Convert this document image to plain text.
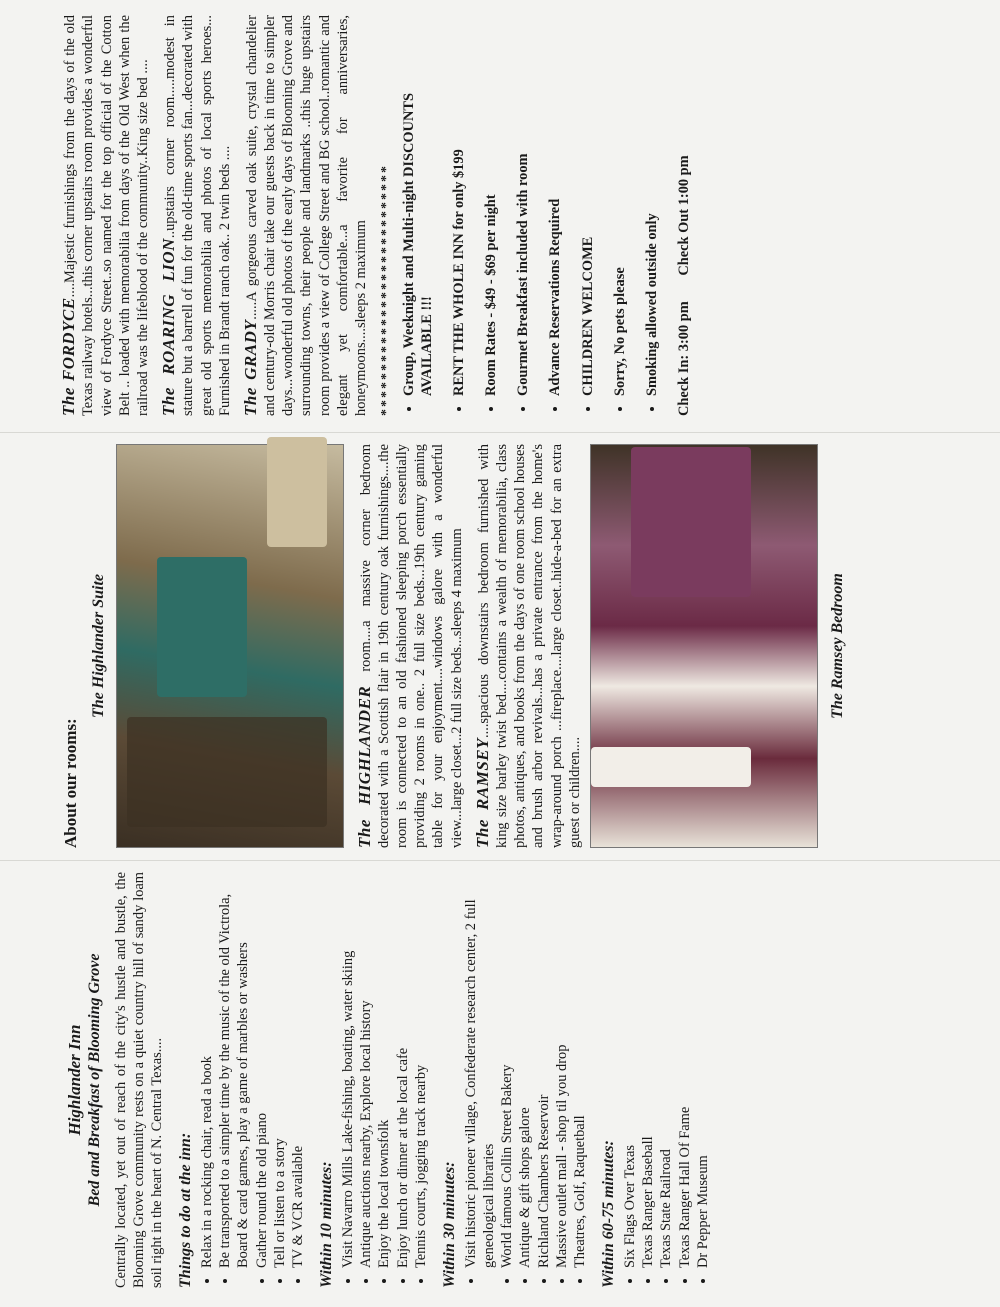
Highlander Inn Bed and Breakfast of Blooming Grove Centrally located, yet out of reach of the city's hustle and bustle, the Blooming Grove community rests on a quiet country hill of sandy loam soil right in the heart of N. Central Texas.... Things to do at the inn: • Relax in a rocking chair, read a book • Be transported to a simpler time by the music of the old Victrola, Board & card games, play a game of marbles or washers • Gather round the old piano • Tell or listen to a story • TV & VCR available Within 10 minutes: • Visit Navarro Mills Lake-fishing, boating, water skiing • Antique auctions nearby, Explore local history • Enjoy the local townsfolk • Enjoy lunch or dinner at the local cafe • Tennis courts, jogging track nearby Within 30 minutes: • Visit historic pioneer village, Confederate research center, 2 full geneological libraries • World famous Collin Street Bakery • Antique & gift shops galore • Richland Chambers Reservoir • Massive outlet mall - shop til you drop • Theatres, Golf, Raquetball Within 60-75 minutes: • Six Flags Over Texas • Texas Ranger Baseball • Texas State Railroad • Texas Ranger Hall Of Fame • Dr Pepper Museum
About our rooms:
The Highlander Suite

The HIGHLANDER room....a massive corner bedroom decorated with a Scottish flair in 19th century oak furnishings....the room is connected to an old fashioned sleeping porch essentially providing 2 rooms in one.. 2 full size beds...19th century gaming table for your enjoyment....windows galore with a wonderful view...large closet...2 full size beds...sleeps 4 maximum The RAMSEY....spacious downstairs bedroom furnished with king size barley twist bed....contains a wealth of memorabilia, class photos, antiques, and books from the days of one room school houses and brush arbor revivals...has a private entrance from the home's wrap-around porch ...fireplace....large closet..hide-a-bed for an extra guest or children....

The Ramsey Bedroom

The FORDYCE....Majestic furnishings from the days of the old Texas railway hotels...this corner upstairs room provides a wonderful view of Fordyce Street..so named for the top official of the Cotton Belt .. loaded with memorabilia from days of the Old West when the railroad was the lifeblood of the community..King size bed .... The ROARING LION..upstairs corner room.....modest in stature but a barrell of fun for the old-time sports fan...decorated with great old sports memorabilia and photos of local sports heroes... Furnished in Brandt ranch oak.. 2 twin beds .... The GRADY.....A gorgeous carved oak suite, crystal chandelier and century-old Morris chair take our guests back in time to simpler days...wonderful old photos of the early days of Blooming Grove and surrounding towns, their people and landmarks ..this huge upstairs room provides a view of College Street and BG school..romantic and elegant yet comfortable...a favorite for anniversaries, honeymoons....sleeps 2 maximum **************************** • Group, Weeknight and Multi-night DISCOUNTS AVAILABLE !!! • RENT THE WHOLE INN for only $199 • Room Rates - $49 - $69 per night • Gourmet Breakfast included with room • Advance Reservations Required • CHILDREN WELCOME • Sorry, No pets please • Smoking allowed outside only Check In: 3:00 pm Check Out 1:00 pm
